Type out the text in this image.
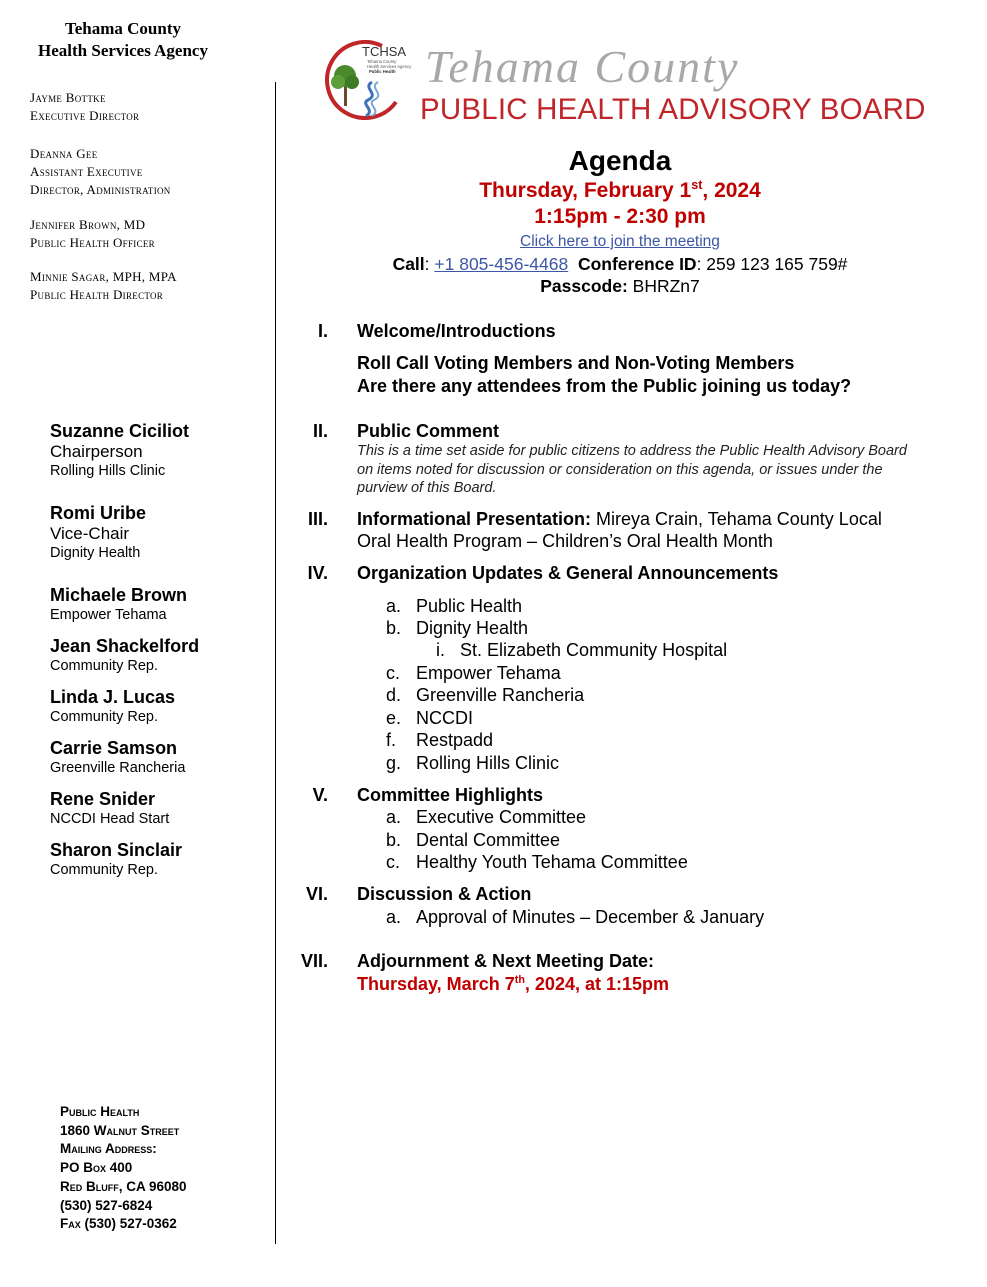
Tehama County
Health Services Agency
Jayme Bottke
Executive Director
Deanna Gee
Assistant Executive
Director, Administration
Jennifer Brown, MD
Public Health Officer
Minnie Sagar, MPH, MPA
Public Health Director
Suzanne Ciciliot
Chairperson
Rolling Hills Clinic
Romi Uribe
Vice-Chair
Dignity Health
Michaele Brown
Empower Tehama
Jean Shackelford
Community Rep.
Linda J. Lucas
Community Rep.
Carrie Samson
Greenville Rancheria
Rene Snider
NCCDI Head Start
Sharon Sinclair
Community Rep.
Public Health
1860 Walnut Street
Mailing Address:
PO Box 400
Red Bluff, CA 96080
(530) 527-6824
Fax (530) 527-0362
TCHSA
Tehama County
Health Services Agency
Public Health Tehama County
PUBLIC HEALTH ADVISORY BOARD
Agenda
Thursday, February 1st, 2024
1:15pm - 2:30 pm
Click here to join the meeting
Call: +1 805-456-4468 Conference ID: 259 123 165 759#
Passcode: BHRZn7
I. Welcome/Introductions
Roll Call Voting Members and Non-Voting Members
Are there any attendees from the Public joining us today?
II. Public Comment
This is a time set aside for public citizens to address the Public Health Advisory Board on items noted for discussion or consideration on this agenda, or issues under the purview of this Board.
III. Informational Presentation: Mireya Crain, Tehama County Local
Oral Health Program – Children’s Oral Health Month
IV. Organization Updates & General Announcements
a. Public Health
b. Dignity Health
i. St. Elizabeth Community Hospital
c. Empower Tehama
d. Greenville Rancheria
e. NCCDI
f. Restpadd
g. Rolling Hills Clinic
V. Committee Highlights
a. Executive Committee
b. Dental Committee
c. Healthy Youth Tehama Committee
VI. Discussion & Action
a. Approval of Minutes – December & January
VII. Adjournment & Next Meeting Date:
Thursday, March 7th, 2024, at 1:15pm
